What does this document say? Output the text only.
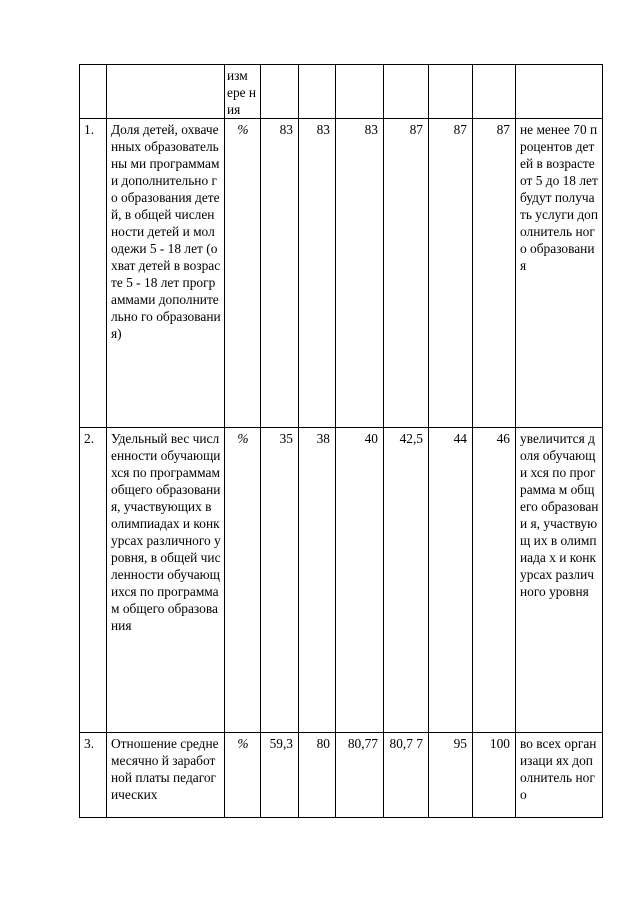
		изм ере ния							
1.	Доля детей, охваченных образовательны ми программами дополнительно го образования детей, в общей численности детей и молодежи 5 - 18 лет (охват детей в возрасте 5 - 18 лет программами дополнительно го образования)	%	83	83	83	87	87	87	не менее 70 процентов детей в возрасте от 5 до 18 лет будут получать услуги дополнитель ного образовани я
2.	Удельный вес численности обучающихся по программам общего образования, участвующих в олимпиадах и конкурсах различного уровня, в общей численности обучающихся по программам общего образования	%	35	38	40	42,5	44	46	увеличится доля обучающи хся по программа м общего образовани я, участвующ их в олимпиада х и конкурсах различного уровня
3.	Отношение среднемесячно й заработной платы педагогических	%	59,3	80	80,77	80,7 7	95	100	во всех организаци ях дополнитель ного
